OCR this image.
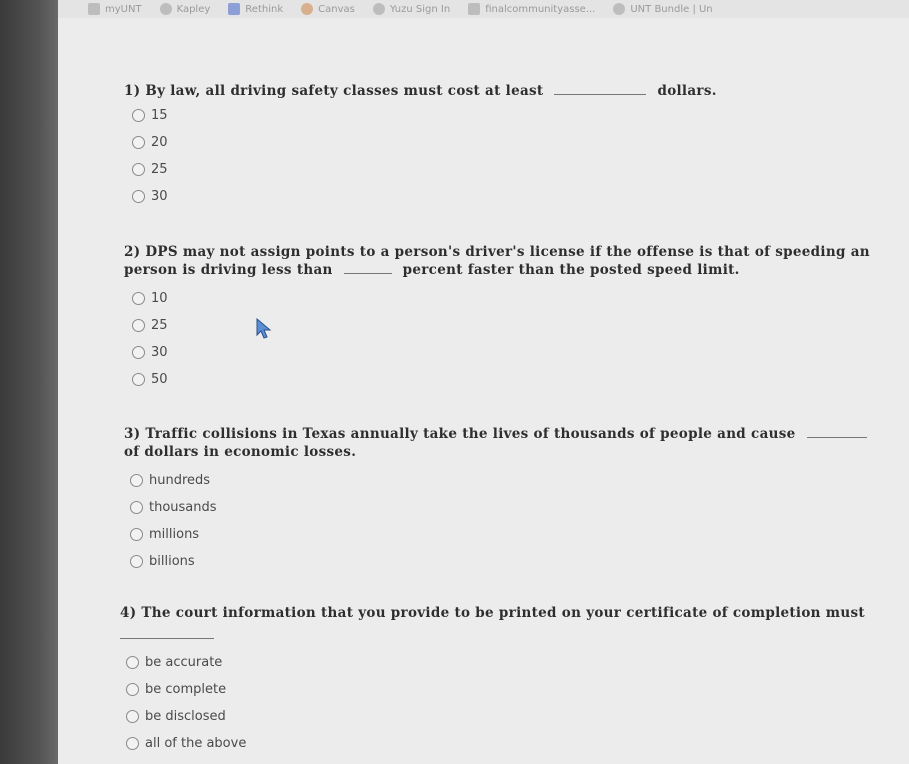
myUNT	Kapley	Rethink	Canvas	Yuzu Sign In	finalcommunityasse...	UNT Bundle | Un
1) By law, all driving safety classes must cost at least	dollars.
15
20
25
30
2) DPS may not assign points to a person's driver's license if the offense is that of speeding an
person is driving less than	percent faster than the posted speed limit.
10
25
30
50
3) Traffic collisions in Texas annually take the lives of thousands of people and cause
of dollars in economic losses.
hundreds
thousands
millions
billions
4) The court information that you provide to be printed on your certificate of completion must
be accurate
be complete
be disclosed
all of the above
